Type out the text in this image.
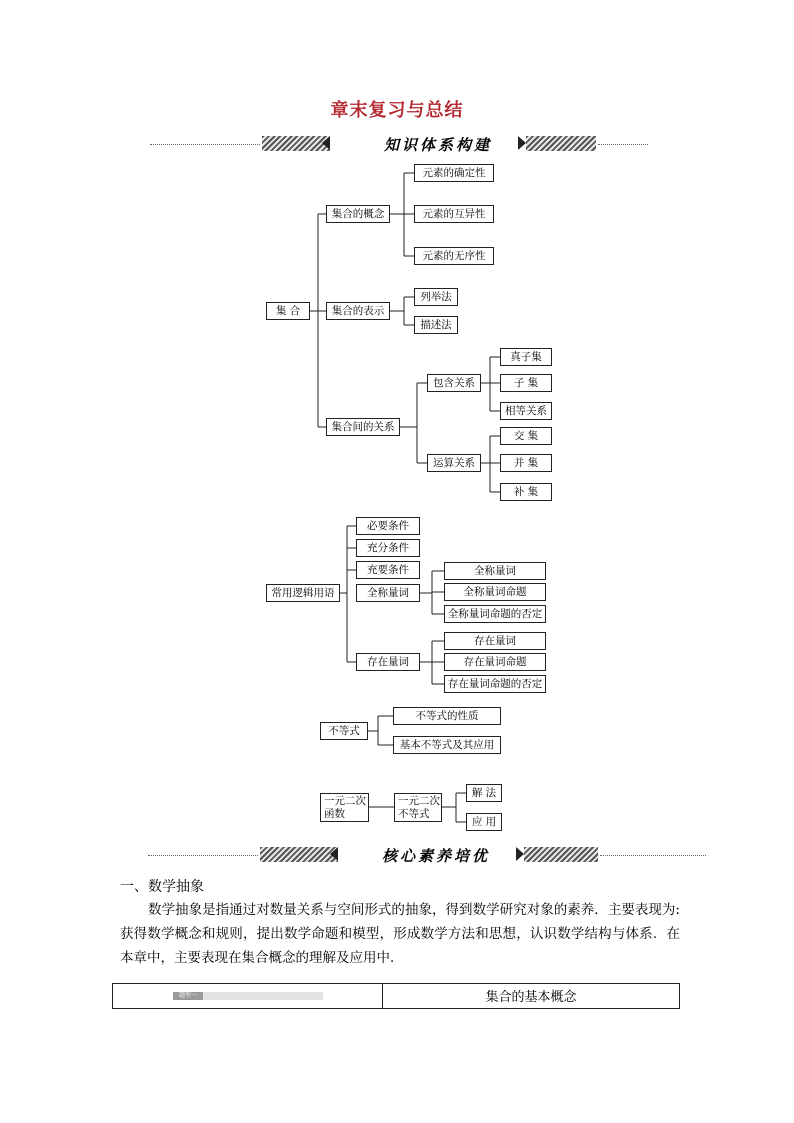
章末复习与总结
知识体系构建
集 合
集合的概念
元素的确定性
元素的互异性
元素的无序性
集合的表示
列举法
描述法
集合间的关系
包含关系
真子集
子 集
相等关系
运算关系
交 集
并 集
补 集
常用逻辑用语
必要条件
充分条件
充要条件
全称量词
存在量词
全称量词
全称量词命题
全称量词命题的否定
存在量词
存在量词命题
存在量词命题的否定
不等式
不等式的性质
基本不等式及其应用
一元二次函数
一元二次不等式
解 法
应 用
核心素养培优
一、数学抽象
数学抽象是指通过对数量关系与空间形式的抽象，得到数学研究对象的素养．主要表现为: 获得数学概念和规则，提出数学命题和模型，形成数学方法和思想，认识数学结构与体系．在本章中，主要表现在集合概念的理解及应用中．
题型一	集合的基本概念
